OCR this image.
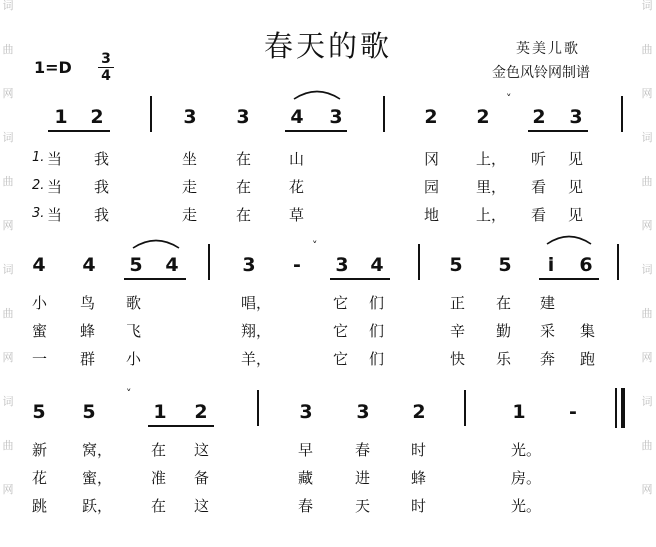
词
曲
网
词
曲
网
词
曲
网
词
曲
网
词
曲
网
词
曲
网
词
曲
网
词
曲
网
春天的歌	英美儿歌
金色风铃网制谱
1=D	3
4
1 2	3 3 4 3	2 2 2 3
˅
1.
2.
3.
当 我	坐	在	山	冈 上， 听 见
当 我	走	在	花	园 里， 看 见
当 我	走	在	草	地 上， 看 见
4 4 5 4	3 - 3 4	5 5 i 6
˅
小 鸟 歌	唱，	它 们	正 在 建
蜜 蜂 飞	翔，	它 们	辛 勤 采 集
一 群 小	羊，	它 们	快 乐 奔 跑
5 5	1 2	3 3 2	1 -
˅
新 窝，	在 这	早	春	时	光。
花 蜜，	准 备	藏	进	蜂	房。
跳 跃，	在 这	春	天	时	光。
